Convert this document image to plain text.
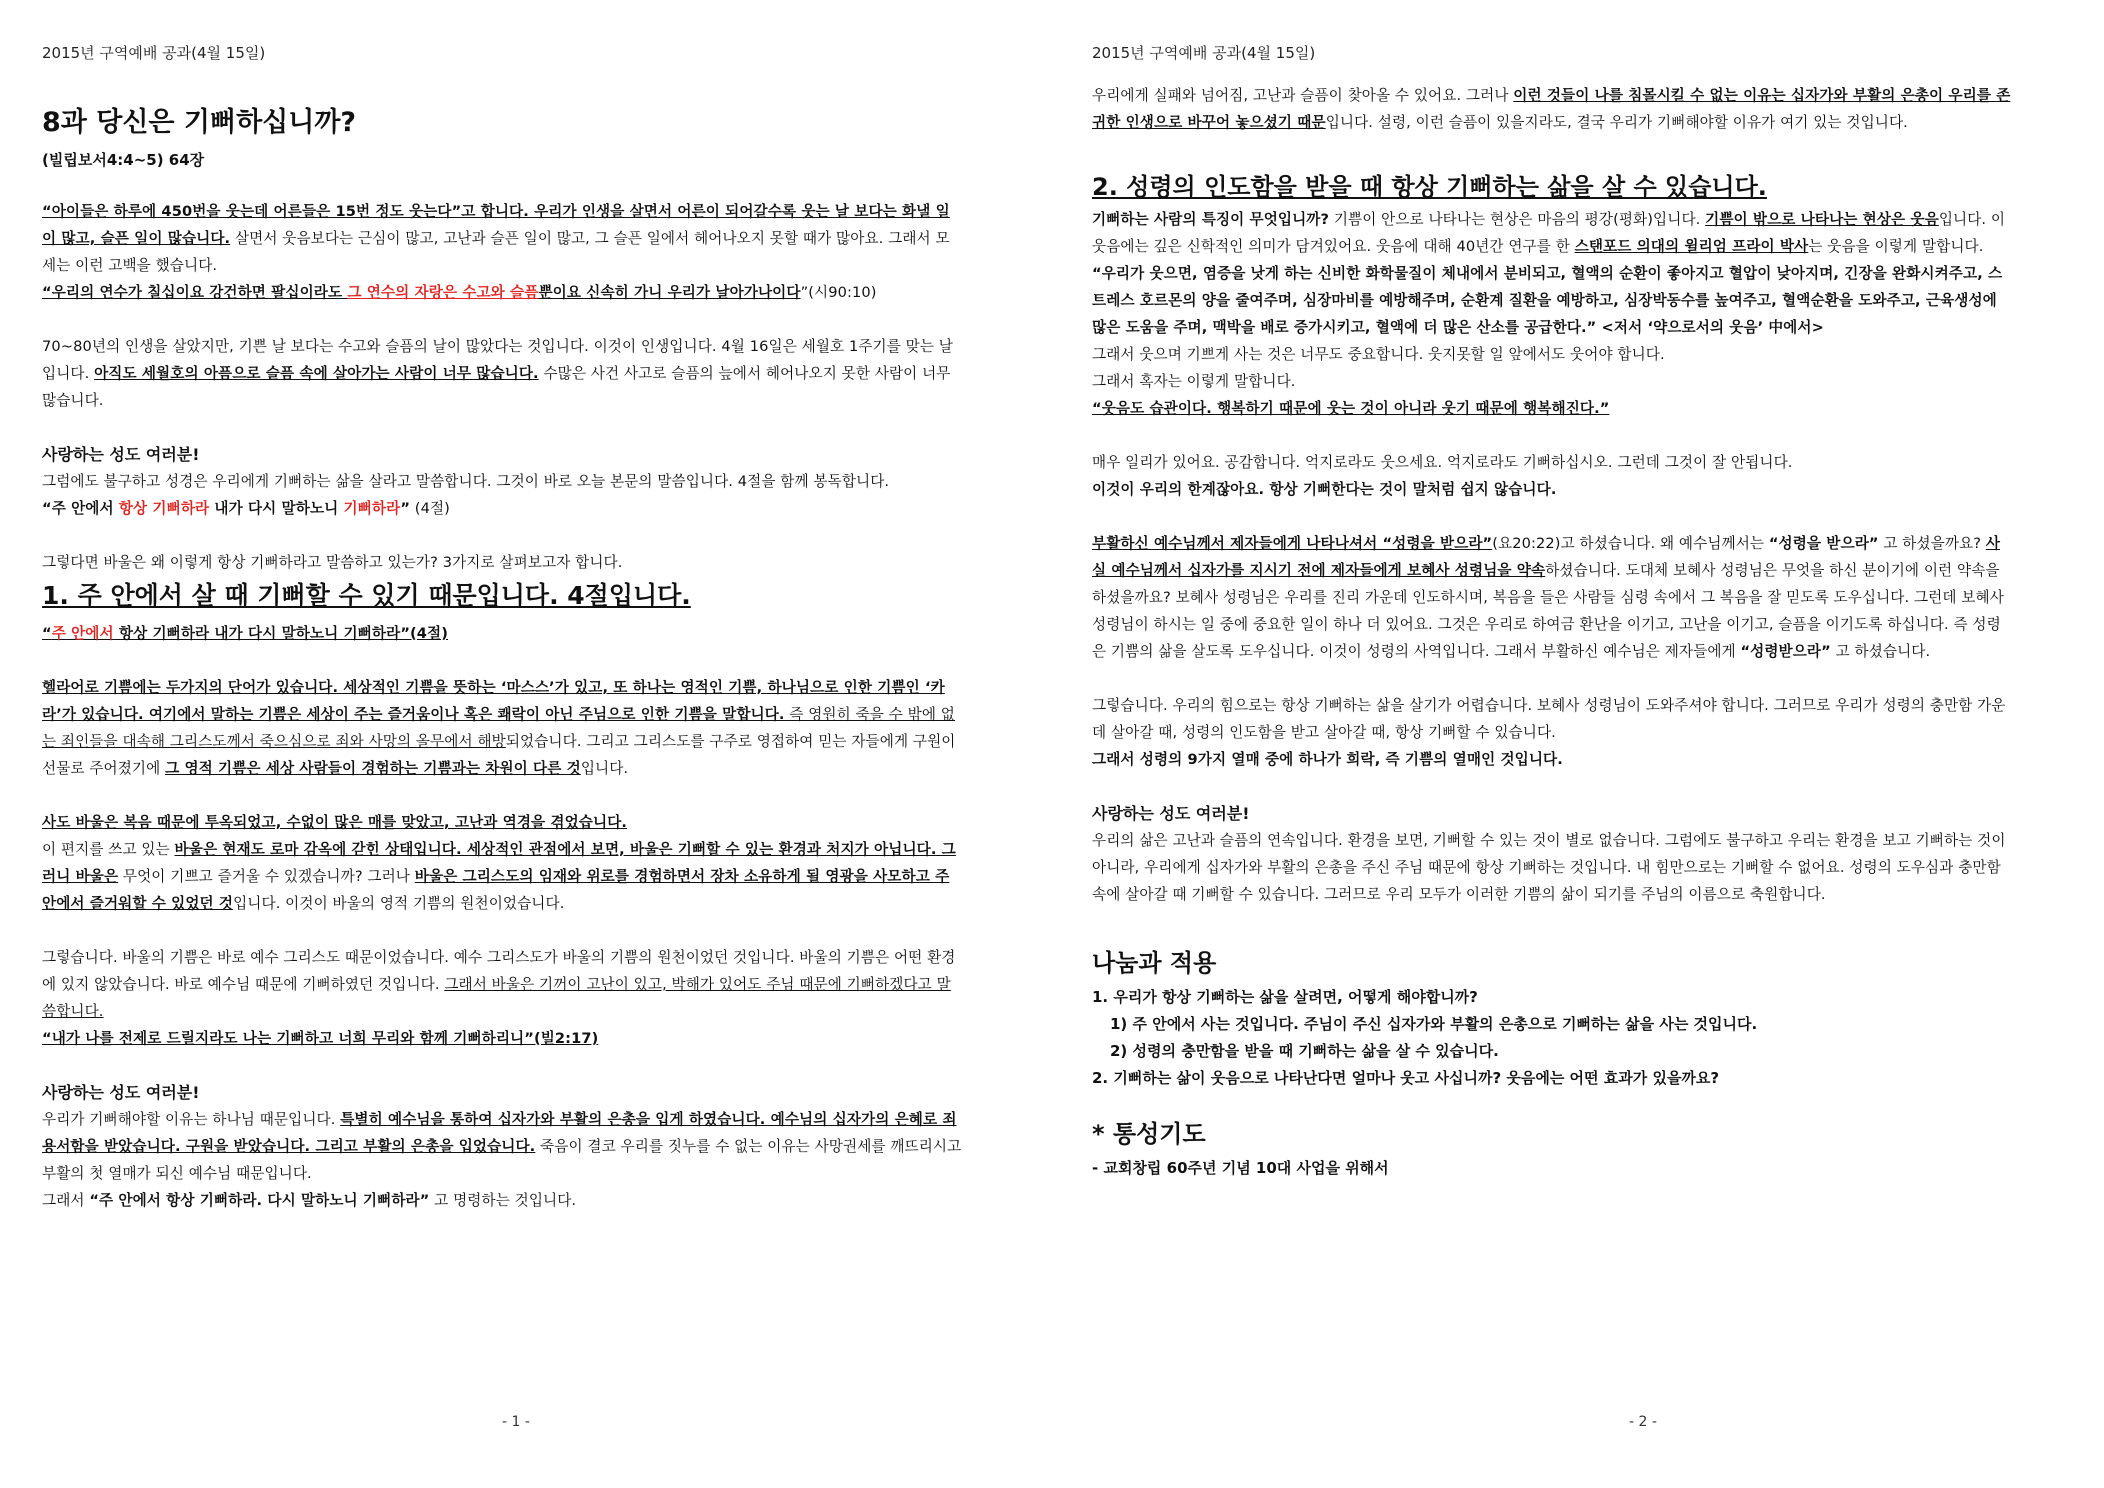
2015년 구역예배 공과(4월 15일)
8과 당신은 기뻐하십니까?
(빌립보서4:4~5) 64장

“아이들은 하루에 450번을 웃는데 어른들은 15번 정도 웃는다”고 합니다. 우리가 인생을 살면서 어른이 되어갈수록 웃는 날 보다는 화낼 일이 많고, 슬픈 일이 많습니다. 살면서 웃음보다는 근심이 많고, 고난과 슬픈 일이 많고, 그 슬픈 일에서 헤어나오지 못할 때가 많아요. 그래서 모세는 이런 고백을 했습니다.

“우리의 연수가 칠십이요 강건하면 팔십이라도 그 연수의 자랑은 수고와 슬픔뿐이요 신속히 가니 우리가 날아가나이다”(시90:10)

70~80년의 인생을 살았지만, 기쁜 날 보다는 수고와 슬픔의 날이 많았다는 것입니다. 이것이 인생입니다. 4월 16일은 세월호 1주기를 맞는 날입니다. 아직도 세월호의 아픔으로 슬픔 속에 살아가는 사람이 너무 많습니다. 수많은 사건 사고로 슬픔의 늪에서 헤어나오지 못한 사람이 너무 많습니다.

사랑하는 성도 여러분!

그럼에도 불구하고 성경은 우리에게 기뻐하는 삶을 살라고 말씀합니다. 그것이 바로 오늘 본문의 말씀입니다. 4절을 함께 봉독합니다.

“주 안에서 항상 기뻐하라 내가 다시 말하노니 기뻐하라” (4절)

그렇다면 바울은 왜 이렇게 항상 기뻐하라고 말씀하고 있는가? 3가지로 살펴보고자 합니다.

1. 주 안에서 살 때 기뻐할 수 있기 때문입니다. 4절입니다.

“주 안에서 항상 기뻐하라 내가 다시 말하노니 기뻐하라”(4절)

헬라어로 기쁨에는 두가지의 단어가 있습니다. 세상적인 기쁨을 뜻하는 ‘마스스’가 있고, 또 하나는 영적인 기쁨, 하나님으로 인한 기쁨인 ‘카라’가 있습니다. 여기에서 말하는 기쁨은 세상이 주는 즐거움이나 혹은 쾌락이 아닌 주님으로 인한 기쁨을 말합니다. 즉 영원히 죽을 수 밖에 없는 죄인들을 대속해 그리스도께서 죽으심으로 죄와 사망의 올무에서 해방되었습니다. 그리고 그리스도를 구주로 영접하여 믿는 자들에게 구원이 선물로 주어졌기에 그 영적 기쁨은 세상 사람들이 경험하는 기쁨과는 차원이 다른 것입니다.

사도 바울은 복음 때문에 투옥되었고, 수없이 많은 매를 맞았고, 고난과 역경을 겪었습니다.
이 편지를 쓰고 있는 바울은 현재도 로마 감옥에 갇힌 상태입니다. 세상적인 관점에서 보면, 바울은 기뻐할 수 있는 환경과 처지가 아닙니다. 그러니 바울은 무엇이 기쁘고 즐거울 수 있겠습니까? 그러나 바울은 그리스도의 임재와 위로를 경험하면서 장차 소유하게 될 영광을 사모하고 주 안에서 즐거워할 수 있었던 것입니다. 이것이 바울의 영적 기쁨의 원천이었습니다.

그렇습니다. 바울의 기쁨은 바로 예수 그리스도 때문이었습니다. 예수 그리스도가 바울의 기쁨의 원천이었던 것입니다. 바울의 기쁨은 어떤 환경에 있지 않았습니다. 바로 예수님 때문에 기뻐하였던 것입니다. 그래서 바울은 기꺼이 고난이 있고, 박해가 있어도 주님 때문에 기뻐하겠다고 말씀합니다.

“내가 나를 전제로 드릴지라도 나는 기뻐하고 너희 무리와 함께 기뻐하리니”(빌2:17)

사랑하는 성도 여러분!

우리가 기뻐해야할 이유는 하나님 때문입니다. 특별히 예수님을 통하여 십자가와 부활의 은총을 입게 하였습니다. 예수님의 십자가의 은혜로 죄용서함을 받았습니다. 구원을 받았습니다. 그리고 부활의 은총을 입었습니다. 죽음이 결코 우리를 짓누를 수 없는 이유는 사망권세를 깨뜨리시고 부활의 첫 열매가 되신 예수님 때문입니다.
그래서 “주 안에서 항상 기뻐하라. 다시 말하노니 기뻐하라” 고 명령하는 것입니다.

- 1 -
2015년 구역예배 공과(4월 15일)

우리에게 실패와 넘어짐, 고난과 슬픔이 찾아올 수 있어요. 그러나 이런 것들이 나를 침몰시킬 수 없는 이유는 십자가와 부활의 은총이 우리를 존귀한 인생으로 바꾸어 놓으셨기 때문입니다. 설령, 이런 슬픔이 있을지라도, 결국 우리가 기뻐해야할 이유가 여기 있는 것입니다.

2. 성령의 인도함을 받을 때 항상 기뻐하는 삶을 살 수 있습니다.

기뻐하는 사람의 특징이 무엇입니까? 기쁨이 안으로 나타나는 현상은 마음의 평강(평화)입니다. 기쁨이 밖으로 나타나는 현상은 웃음입니다. 이 웃음에는 깊은 신학적인 의미가 담겨있어요. 웃음에 대해 40년간 연구를 한 스탠포드 의대의 윌리엄 프라이 박사는 웃음을 이렇게 말합니다.

“우리가 웃으면, 염증을 낫게 하는 신비한 화학물질이 체내에서 분비되고, 혈액의 순환이 좋아지고 혈압이 낮아지며, 긴장을 완화시켜주고, 스트레스 호르몬의 양을 줄여주며, 심장마비를 예방해주며, 순환계 질환을 예방하고, 심장박동수를 높여주고, 혈액순환을 도와주고, 근육생성에 많은 도움을 주며, 맥박을 배로 증가시키고, 혈액에 더 많은 산소를 공급한다.” <저서 ‘약으로서의 웃음’ 中에서>

그래서 웃으며 기쁘게 사는 것은 너무도 중요합니다. 웃지못할 일 앞에서도 웃어야 합니다.

그래서 혹자는 이렇게 말합니다.

“웃음도 습관이다. 행복하기 때문에 웃는 것이 아니라 웃기 때문에 행복해진다.”

매우 일리가 있어요. 공감합니다. 억지로라도 웃으세요. 억지로라도 기뻐하십시오. 그런데 그것이 잘 안됩니다.

이것이 우리의 한계잖아요. 항상 기뻐한다는 것이 말처럼 쉽지 않습니다.

부활하신 예수님께서 제자들에게 나타나셔서 “성령을 받으라”(요20:22)고 하셨습니다. 왜 예수님께서는 “성령을 받으라” 고 하셨을까요? 사실 예수님께서 십자가를 지시기 전에 제자들에게 보혜사 성령님을 약속하셨습니다. 도대체 보혜사 성령님은 무엇을 하신 분이기에 이런 약속을 하셨을까요? 보혜사 성령님은 우리를 진리 가운데 인도하시며, 복음을 들은 사람들 심령 속에서 그 복음을 잘 믿도록 도우십니다. 그런데 보혜사 성령님이 하시는 일 중에 중요한 일이 하나 더 있어요. 그것은 우리로 하여금 환난을 이기고, 고난을 이기고, 슬픔을 이기도록 하십니다. 즉 성령은 기쁨의 삶을 살도록 도우십니다. 이것이 성령의 사역입니다. 그래서 부활하신 예수님은 제자들에게 “성령받으라” 고 하셨습니다.

그렇습니다. 우리의 힘으로는 항상 기뻐하는 삶을 살기가 어렵습니다. 보혜사 성령님이 도와주셔야 합니다. 그러므로 우리가 성령의 충만함 가운데 살아갈 때, 성령의 인도함을 받고 살아갈 때, 항상 기뻐할 수 있습니다.

그래서 성령의 9가지 열매 중에 하나가 희락, 즉 기쁨의 열매인 것입니다.

사랑하는 성도 여러분!

우리의 삶은 고난과 슬픔의 연속입니다. 환경을 보면, 기뻐할 수 있는 것이 별로 없습니다. 그럼에도 불구하고 우리는 환경을 보고 기뻐하는 것이 아니라, 우리에게 십자가와 부활의 은총을 주신 주님 때문에 항상 기뻐하는 것입니다. 내 힘만으로는 기뻐할 수 없어요. 성령의 도우심과 충만함 속에 살아갈 때 기뻐할 수 있습니다. 그러므로 우리 모두가 이러한 기쁨의 삶이 되기를 주님의 이름으로 축원합니다.

나눔과 적용

1. 우리가 항상 기뻐하는 삶을 살려면, 어떻게 해야합니까?

1) 주 안에서 사는 것입니다. 주님이 주신 십자가와 부활의 은총으로 기뻐하는 삶을 사는 것입니다.

2) 성령의 충만함을 받을 때 기뻐하는 삶을 살 수 있습니다.

2. 기뻐하는 삶이 웃음으로 나타난다면 얼마나 웃고 사십니까? 웃음에는 어떤 효과가 있을까요?

* 통성기도

- 교회창립 60주년 기념 10대 사업을 위해서

- 2 -
